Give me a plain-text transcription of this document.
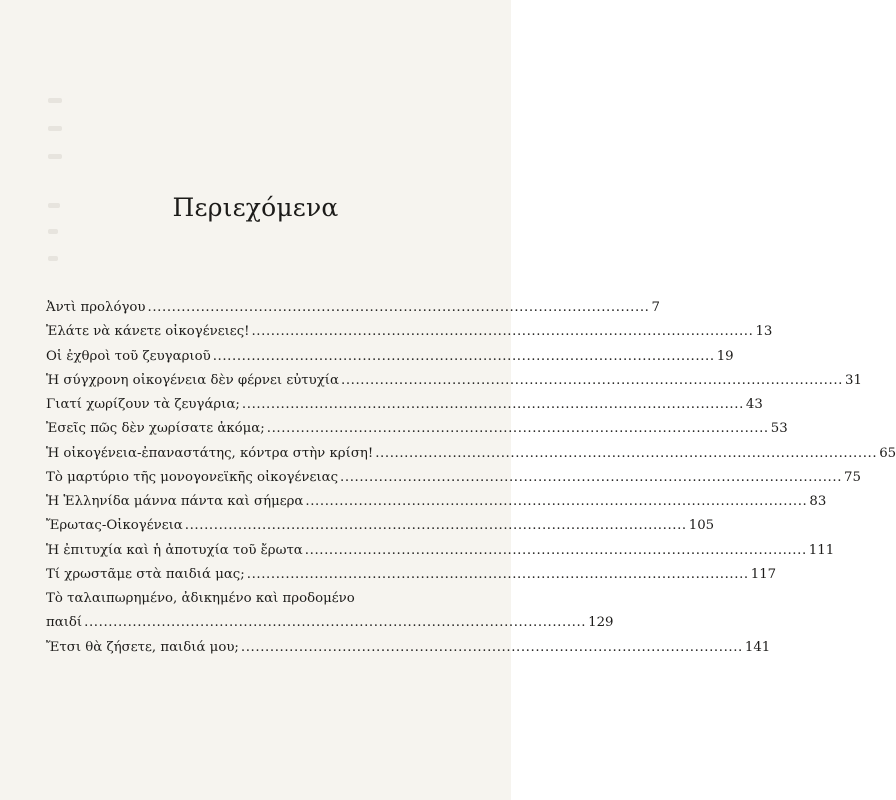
Περιεχόμενα
Ἀντὶ προλόγου ........................................................................................................ 7
Ἐλάτε νὰ κάνετε οἰκογένειες! ........................................................................................................ 13
Οἱ ἐχθροὶ τοῦ ζευγαριοῦ ........................................................................................................ 19
Ἡ σύγχρονη οἰκογένεια δὲν φέρνει εὐτυχία ........................................................................................................ 31
Γιατί χωρίζουν τὰ ζευγάρια; ........................................................................................................ 43
Ἐσεῖς πῶς δὲν χωρίσατε ἀκόμα; ........................................................................................................ 53
Ἡ οἰκογένεια-ἐπαναστάτης, κόντρα στὴν κρίση! ........................................................................................................ 65
Τὸ μαρτύριο τῆς μονογονεϊκῆς οἰκογένειας ........................................................................................................ 75
Ἡ Ἑλληνίδα μάννα πάντα καὶ σήμερα ........................................................................................................ 83
Ἔρωτας-Οἰκογένεια ........................................................................................................ 105
Ἡ ἐπιτυχία καὶ ἡ ἀποτυχία τοῦ ἔρωτα ........................................................................................................ 111
Τί χρωστᾶμε στὰ παιδιά μας; ........................................................................................................ 117
Τὸ ταλαιπωρημένο, ἀδικημένο καὶ προδομένο
παιδί ........................................................................................................ 129
Ἔτσι θὰ ζήσετε, παιδιά μου; ........................................................................................................ 141
